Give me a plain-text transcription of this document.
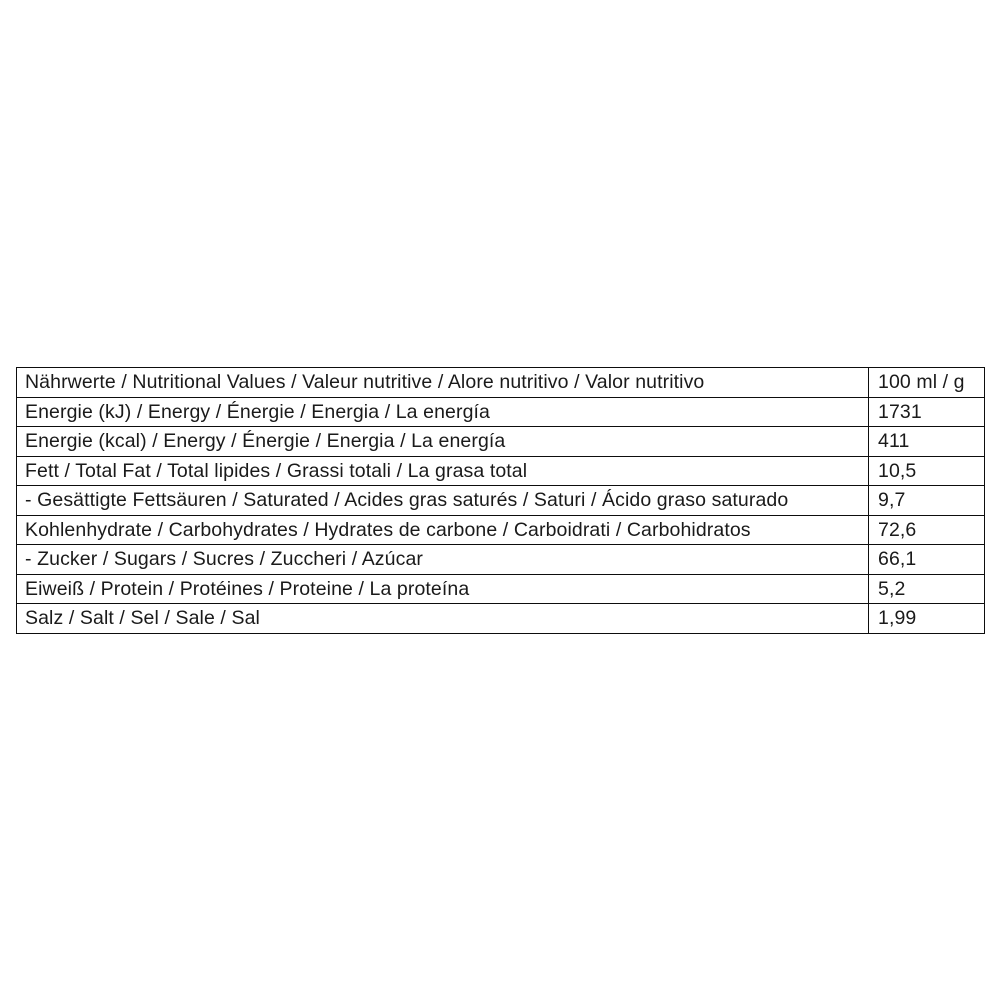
Nährwerte / Nutritional Values / Valeur nutritive / Alore nutritivo / Valor nutritivo	100 ml / g
Energie (kJ) / Energy / Énergie / Energia / La energía	1731
Energie (kcal) / Energy / Énergie / Energia / La energía	411
Fett / Total Fat / Total lipides / Grassi totali / La grasa total	10,5
- Gesättigte Fettsäuren / Saturated / Acides gras saturés / Saturi / Ácido graso saturado	9,7
Kohlenhydrate / Carbohydrates / Hydrates de carbone / Carboidrati / Carbohidratos	72,6
- Zucker / Sugars / Sucres / Zuccheri / Azúcar	66,1
Eiweiß / Protein / Protéines / Proteine / La proteína	5,2
Salz / Salt / Sel / Sale / Sal	1,99
